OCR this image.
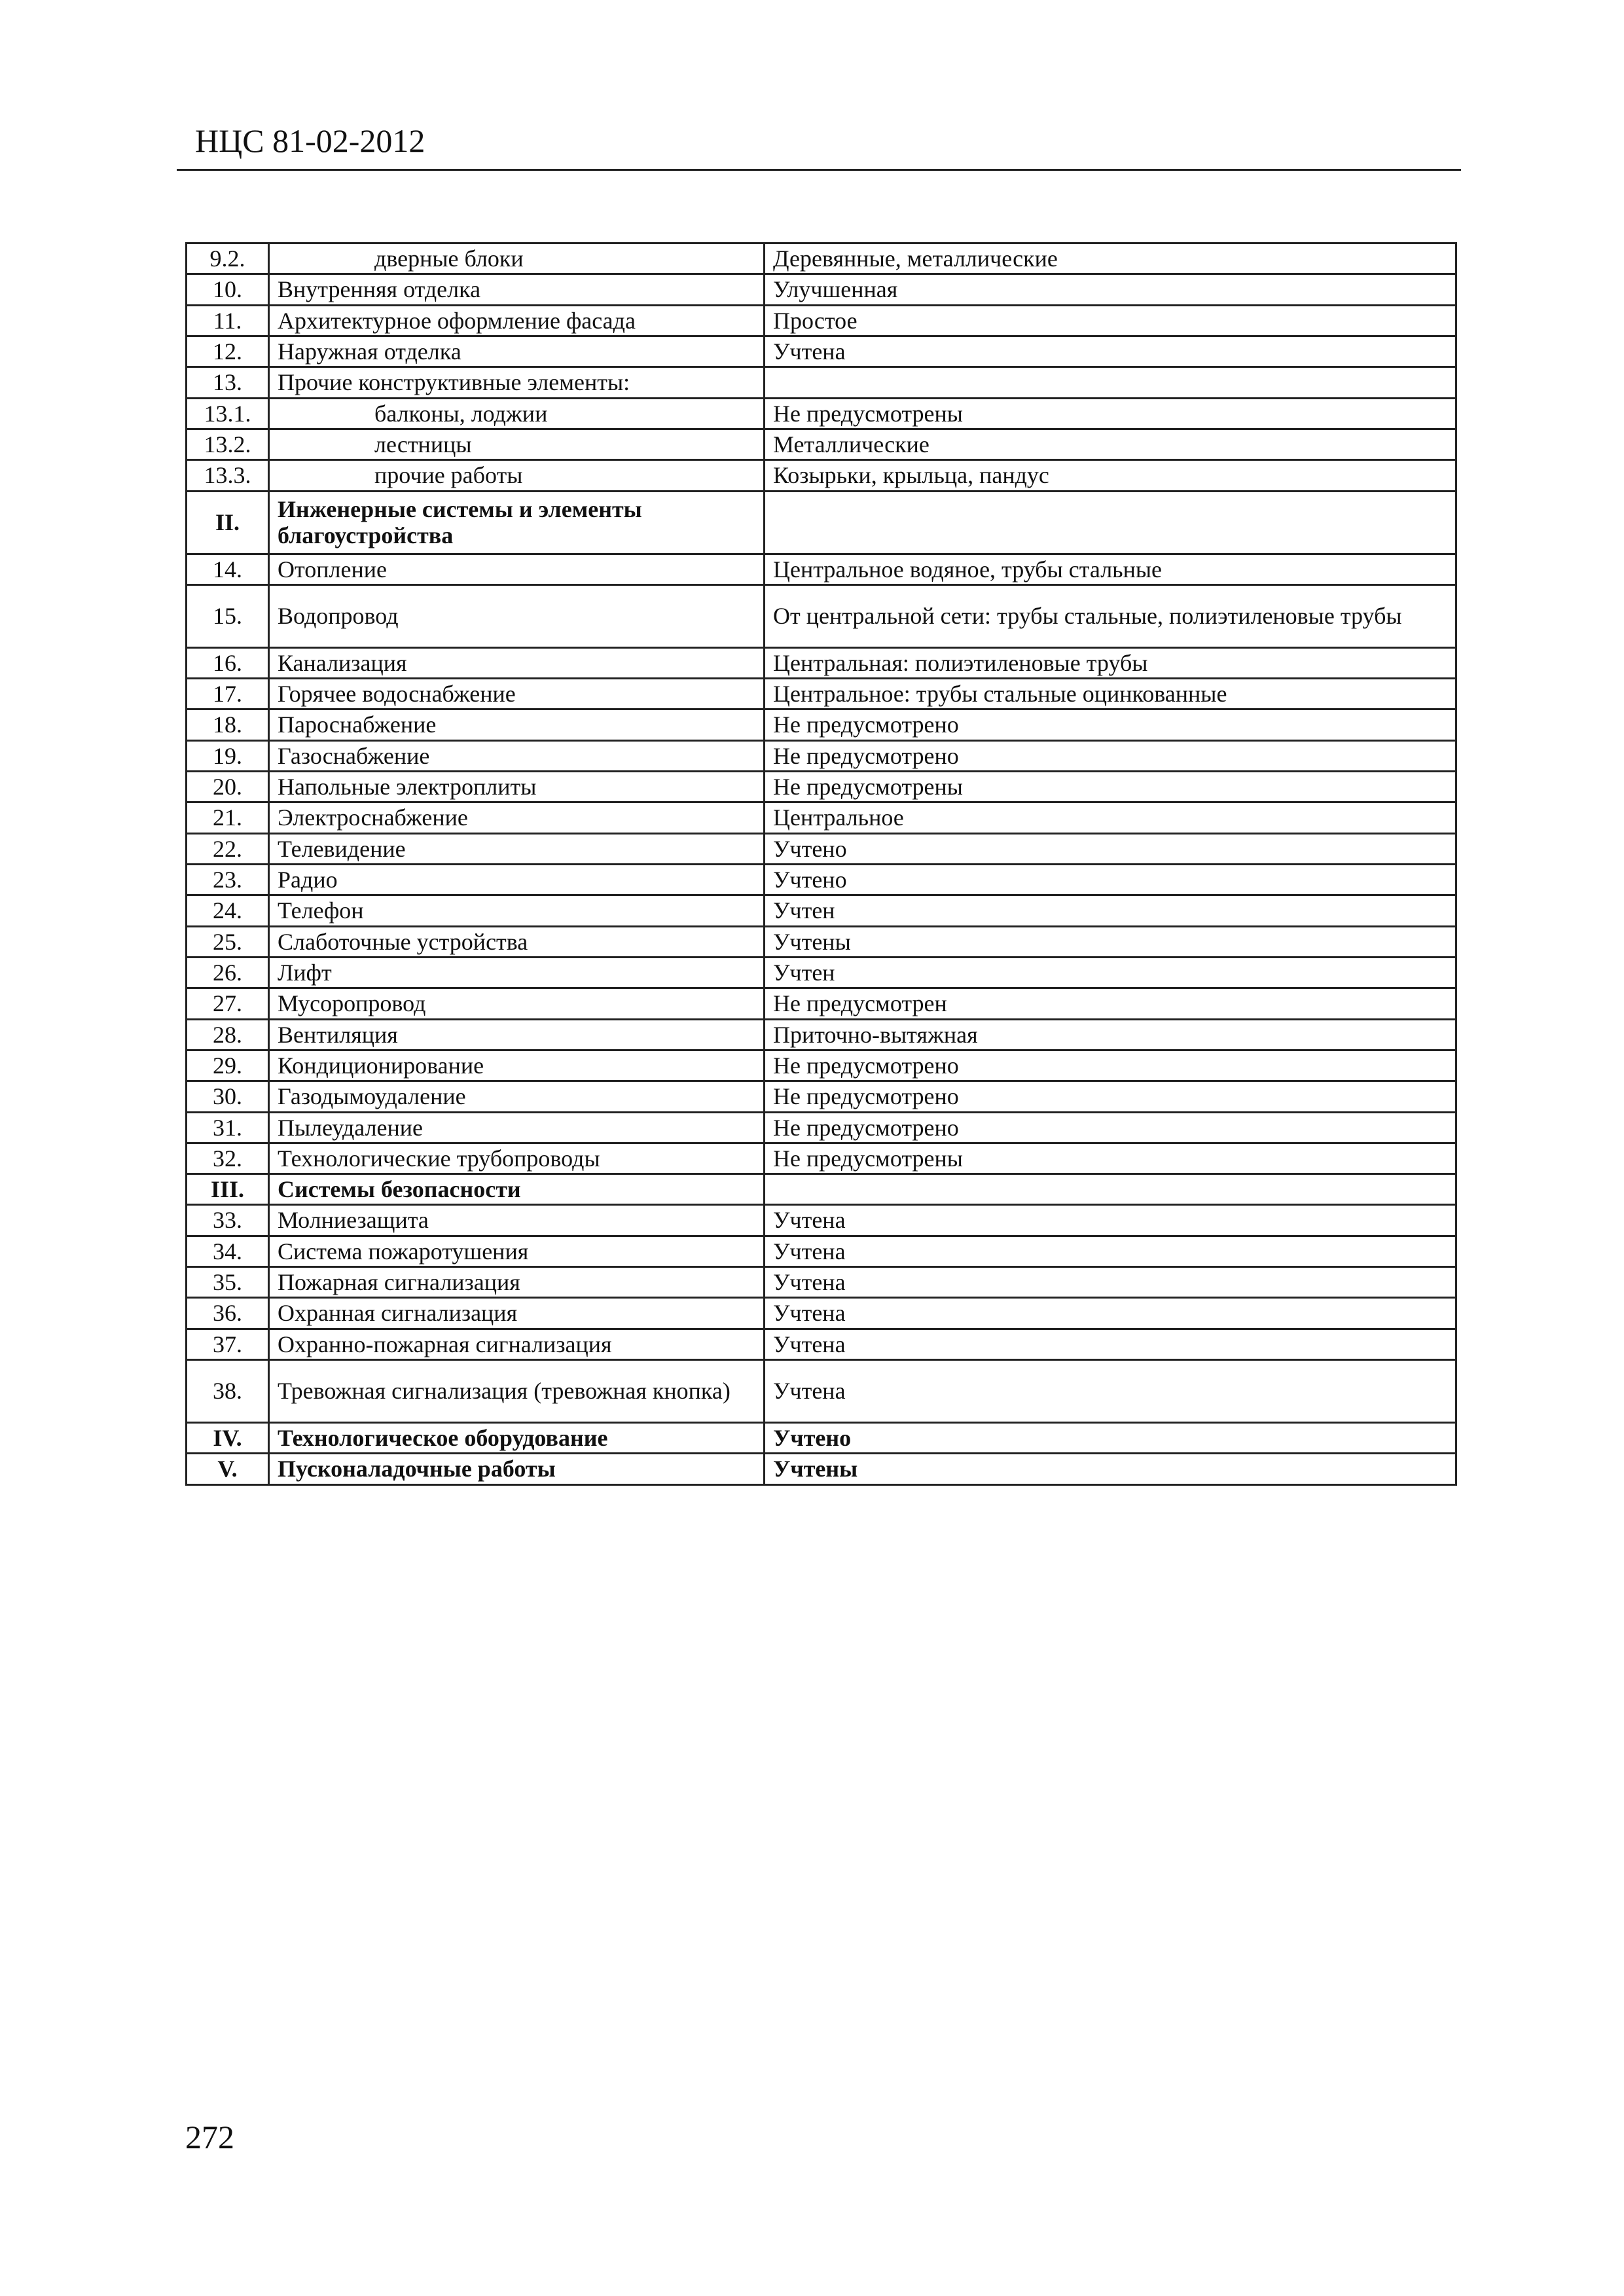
НЦС 81-02-2012
9.2.	дверные блоки	Деревянные, металлические
10.	Внутренняя отделка	Улучшенная
11.	Архитектурное оформление фасада	Простое
12.	Наружная отделка	Учтена
13.	Прочие конструктивные элементы:	
13.1.	балконы, лоджии	Не предусмотрены
13.2.	лестницы	Металлические
13.3.	прочие работы	Козырьки, крыльца, пандус
II.	Инженерные системы и элементы благоустройства	
14.	Отопление	Центральное водяное, трубы стальные
15.	Водопровод	От центральной сети: трубы стальные, полиэтиленовые трубы
16.	Канализация	Центральная: полиэтиленовые трубы
17.	Горячее водоснабжение	Центральное: трубы стальные оцинкованные
18.	Пароснабжение	Не предусмотрено
19.	Газоснабжение	Не предусмотрено
20.	Напольные электроплиты	Не предусмотрены
21.	Электроснабжение	Центральное
22.	Телевидение	Учтено
23.	Радио	Учтено
24.	Телефон	Учтен
25.	Слаботочные устройства	Учтены
26.	Лифт	Учтен
27.	Мусоропровод	Не предусмотрен
28.	Вентиляция	Приточно-вытяжная
29.	Кондиционирование	Не предусмотрено
30.	Газодымоудаление	Не предусмотрено
31.	Пылеудаление	Не предусмотрено
32.	Технологические трубопроводы	Не предусмотрены
III.	Системы безопасности	
33.	Молниезащита	Учтена
34.	Система пожаротушения	Учтена
35.	Пожарная сигнализация	Учтена
36.	Охранная сигнализация	Учтена
37.	Охранно-пожарная сигнализация	Учтена
38.	Тревожная сигнализация (тревожная кнопка)	Учтена
IV.	Технологическое оборудование	Учтено
V.	Пусконаладочные работы	Учтены
272
